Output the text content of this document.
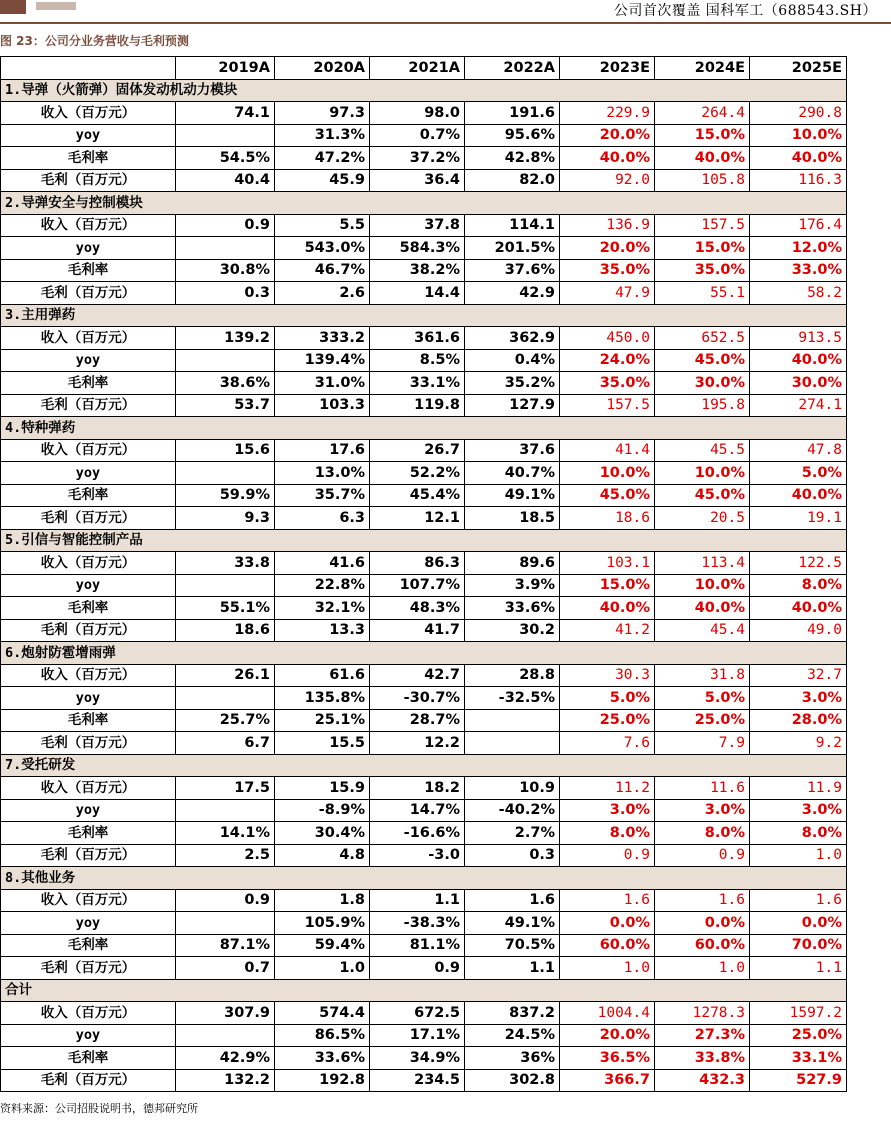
公司首次覆盖 国科军工（688543.SH）
图 23：公司分业务营收与毛利预测
	2019A	2020A	2021A	2022A	2023E	2024E	2025E
1.导弹（火箭弹）固体发动机动力模块							
收入（百万元）	74.1	97.3	98.0	191.6	229.9	264.4	290.8
yoy		31.3%	0.7%	95.6%	20.0%	15.0%	10.0%
毛利率	54.5%	47.2%	37.2%	42.8%	40.0%	40.0%	40.0%
毛利（百万元）	40.4	45.9	36.4	82.0	92.0	105.8	116.3
2.导弹安全与控制模块							
收入（百万元）	0.9	5.5	37.8	114.1	136.9	157.5	176.4
yoy		543.0%	584.3%	201.5%	20.0%	15.0%	12.0%
毛利率	30.8%	46.7%	38.2%	37.6%	35.0%	35.0%	33.0%
毛利（百万元）	0.3	2.6	14.4	42.9	47.9	55.1	58.2
3.主用弹药							
收入（百万元）	139.2	333.2	361.6	362.9	450.0	652.5	913.5
yoy		139.4%	8.5%	0.4%	24.0%	45.0%	40.0%
毛利率	38.6%	31.0%	33.1%	35.2%	35.0%	30.0%	30.0%
毛利（百万元）	53.7	103.3	119.8	127.9	157.5	195.8	274.1
4.特种弹药							
收入（百万元）	15.6	17.6	26.7	37.6	41.4	45.5	47.8
yoy		13.0%	52.2%	40.7%	10.0%	10.0%	5.0%
毛利率	59.9%	35.7%	45.4%	49.1%	45.0%	45.0%	40.0%
毛利（百万元）	9.3	6.3	12.1	18.5	18.6	20.5	19.1
5.引信与智能控制产品							
收入（百万元）	33.8	41.6	86.3	89.6	103.1	113.4	122.5
yoy		22.8%	107.7%	3.9%	15.0%	10.0%	8.0%
毛利率	55.1%	32.1%	48.3%	33.6%	40.0%	40.0%	40.0%
毛利（百万元）	18.6	13.3	41.7	30.2	41.2	45.4	49.0
6.炮射防雹增雨弹							
收入（百万元）	26.1	61.6	42.7	28.8	30.3	31.8	32.7
yoy		135.8%	-30.7%	-32.5%	5.0%	5.0%	3.0%
毛利率	25.7%	25.1%	28.7%		25.0%	25.0%	28.0%
毛利（百万元）	6.7	15.5	12.2		7.6	7.9	9.2
7.受托研发							
收入（百万元）	17.5	15.9	18.2	10.9	11.2	11.6	11.9
yoy		-8.9%	14.7%	-40.2%	3.0%	3.0%	3.0%
毛利率	14.1%	30.4%	-16.6%	2.7%	8.0%	8.0%	8.0%
毛利（百万元）	2.5	4.8	-3.0	0.3	0.9	0.9	1.0
8.其他业务							
收入（百万元）	0.9	1.8	1.1	1.6	1.6	1.6	1.6
yoy		105.9%	-38.3%	49.1%	0.0%	0.0%	0.0%
毛利率	87.1%	59.4%	81.1%	70.5%	60.0%	60.0%	70.0%
毛利（百万元）	0.7	1.0	0.9	1.1	1.0	1.0	1.1
合计							
收入（百万元）	307.9	574.4	672.5	837.2	1004.4	1278.3	1597.2
yoy		86.5%	17.1%	24.5%	20.0%	27.3%	25.0%
毛利率	42.9%	33.6%	34.9%	36%	36.5%	33.8%	33.1%
毛利（百万元）	132.2	192.8	234.5	302.8	366.7	432.3	527.9
资料来源：公司招股说明书，德邦研究所
